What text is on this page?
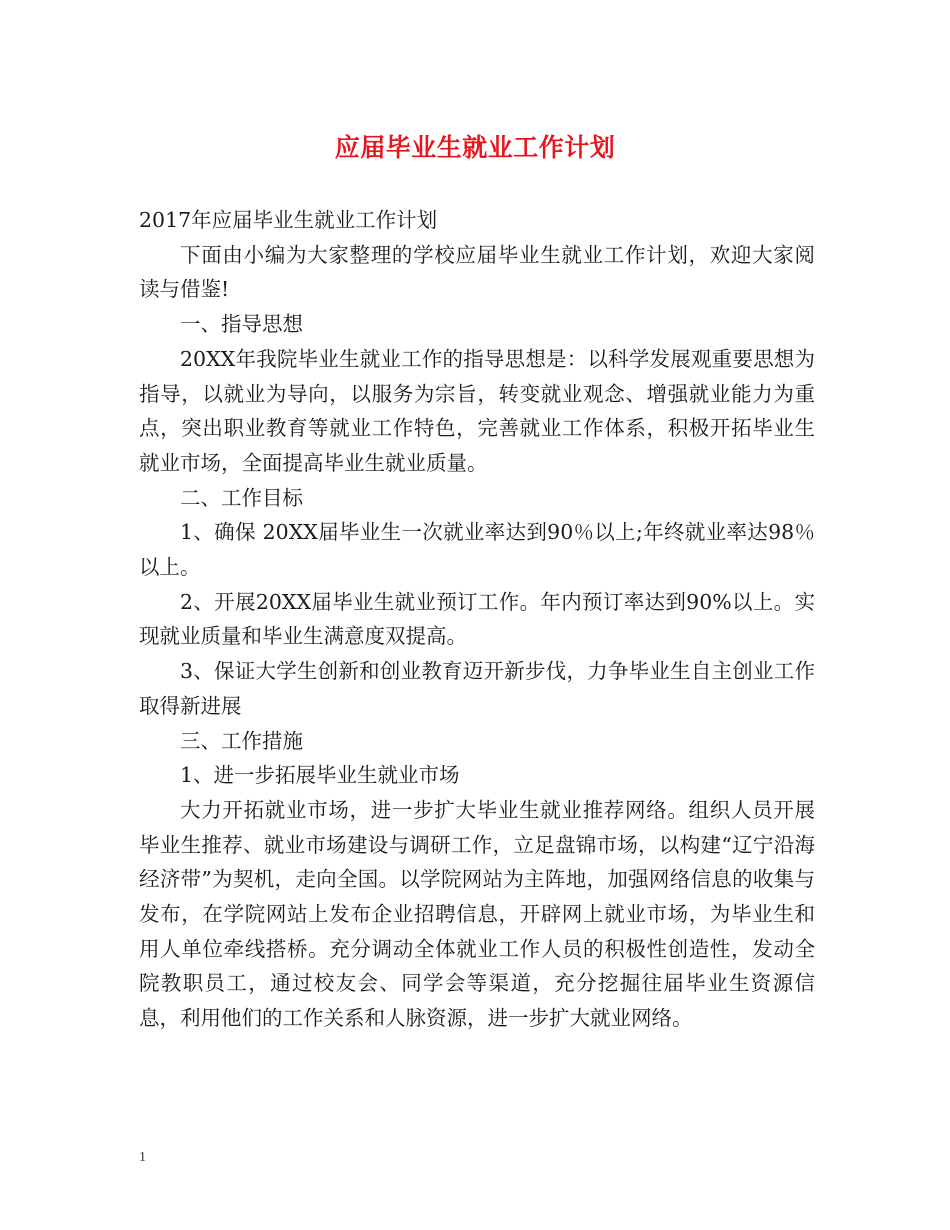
应届毕业生就业工作计划

2017年应届毕业生就业工作计划

下面由小编为大家整理的学校应届毕业生就业工作计划，欢迎大家阅读与借鉴!

一、指导思想

20XX年我院毕业生就业工作的指导思想是：以科学发展观重要思想为指导，以就业为导向，以服务为宗旨，转变就业观念、增强就业能力为重点，突出职业教育等就业工作特色，完善就业工作体系，积极开拓毕业生就业市场，全面提高毕业生就业质量。

二、工作目标

1、确保 20XX届毕业生一次就业率达到90％以上;年终就业率达98％以上。

2、开展20XX届毕业生就业预订工作。年内预订率达到90%以上。实现就业质量和毕业生满意度双提高。

3、保证大学生创新和创业教育迈开新步伐，力争毕业生自主创业工作取得新进展

三、工作措施

1、进一步拓展毕业生就业市场

大力开拓就业市场，进一步扩大毕业生就业推荐网络。组织人员开展毕业生推荐、就业市场建设与调研工作，立足盘锦市场，以构建“辽宁沿海经济带”为契机，走向全国。以学院网站为主阵地，加强网络信息的收集与发布，在学院网站上发布企业招聘信息，开辟网上就业市场，为毕业生和用人单位牵线搭桥。充分调动全体就业工作人员的积极性创造性，发动全院教职员工，通过校友会、同学会等渠道，充分挖掘往届毕业生资源信息，利用他们的工作关系和人脉资源，进一步扩大就业网络。

1
